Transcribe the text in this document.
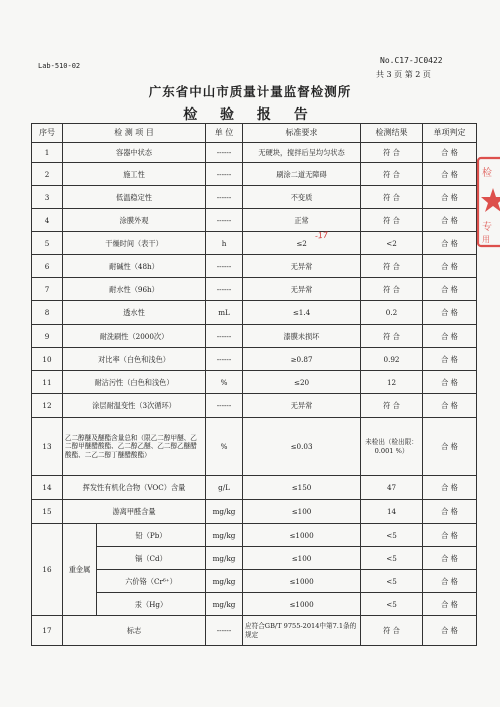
Lab-510-02
No.C17-JC0422
共 3 页 第 2 页
广东省中山市质量计量监督检测所
检 验 报 告
序号	检 测 项 目		单 位	标准要求	检测结果	单项判定
1	容器中状态		------	无硬块，搅拌后呈均匀状态	符 合	合 格
2	施工性		------	刷涂二道无障碍	符 合	合 格
3	低温稳定性		------	不变质	符 合	合 格
4	涂膜外观		------	正常	符 合	合 格
5	干燥时间（表干）		h	≤2	<2	合 格
6	耐碱性（48h）		------	无异常	符 合	合 格
7	耐水性（96h）		------	无异常	符 合	合 格
8	透水性		mL	≤1.4	0.2	合 格
9	耐洗刷性（2000次）		------	漆膜未损坏	符 合	合 格
10	对比率（白色和浅色）		------	≥0.87	0.92	合 格
11	耐沾污性（白色和浅色）		%	≤20	12	合 格
12	涂层耐温变性（3次循环）		------	无异常	符 合	合 格
13	乙二醇醚及醚酯含量总和（限乙二醇甲醚、乙二醇甲醚醋酸酯、乙二醇乙醚、乙二醇乙醚醋酸酯、二乙二醇丁醚醋酸酯）		%	≤0.03	未检出（检出限：0.001 %）	合 格
14	挥发性有机化合物（VOC）含量		g/L	≤150	47	合 格
15	游离甲醛含量		mg/kg	≤100	14	合 格
16	重金属	铅（Pb）	mg/kg	≤1000	<5	合 格
		镉（Cd）	mg/kg	≤100	<5	合 格
		六价铬（Cr⁶⁺）	mg/kg	≤1000	<5	合 格
		汞（Hg）	mg/kg	≤1000	<5	合 格
17	标志		------	应符合GB/T 9755-2014中第7.1条的规定	符 合	合 格
-17
检
专
用
